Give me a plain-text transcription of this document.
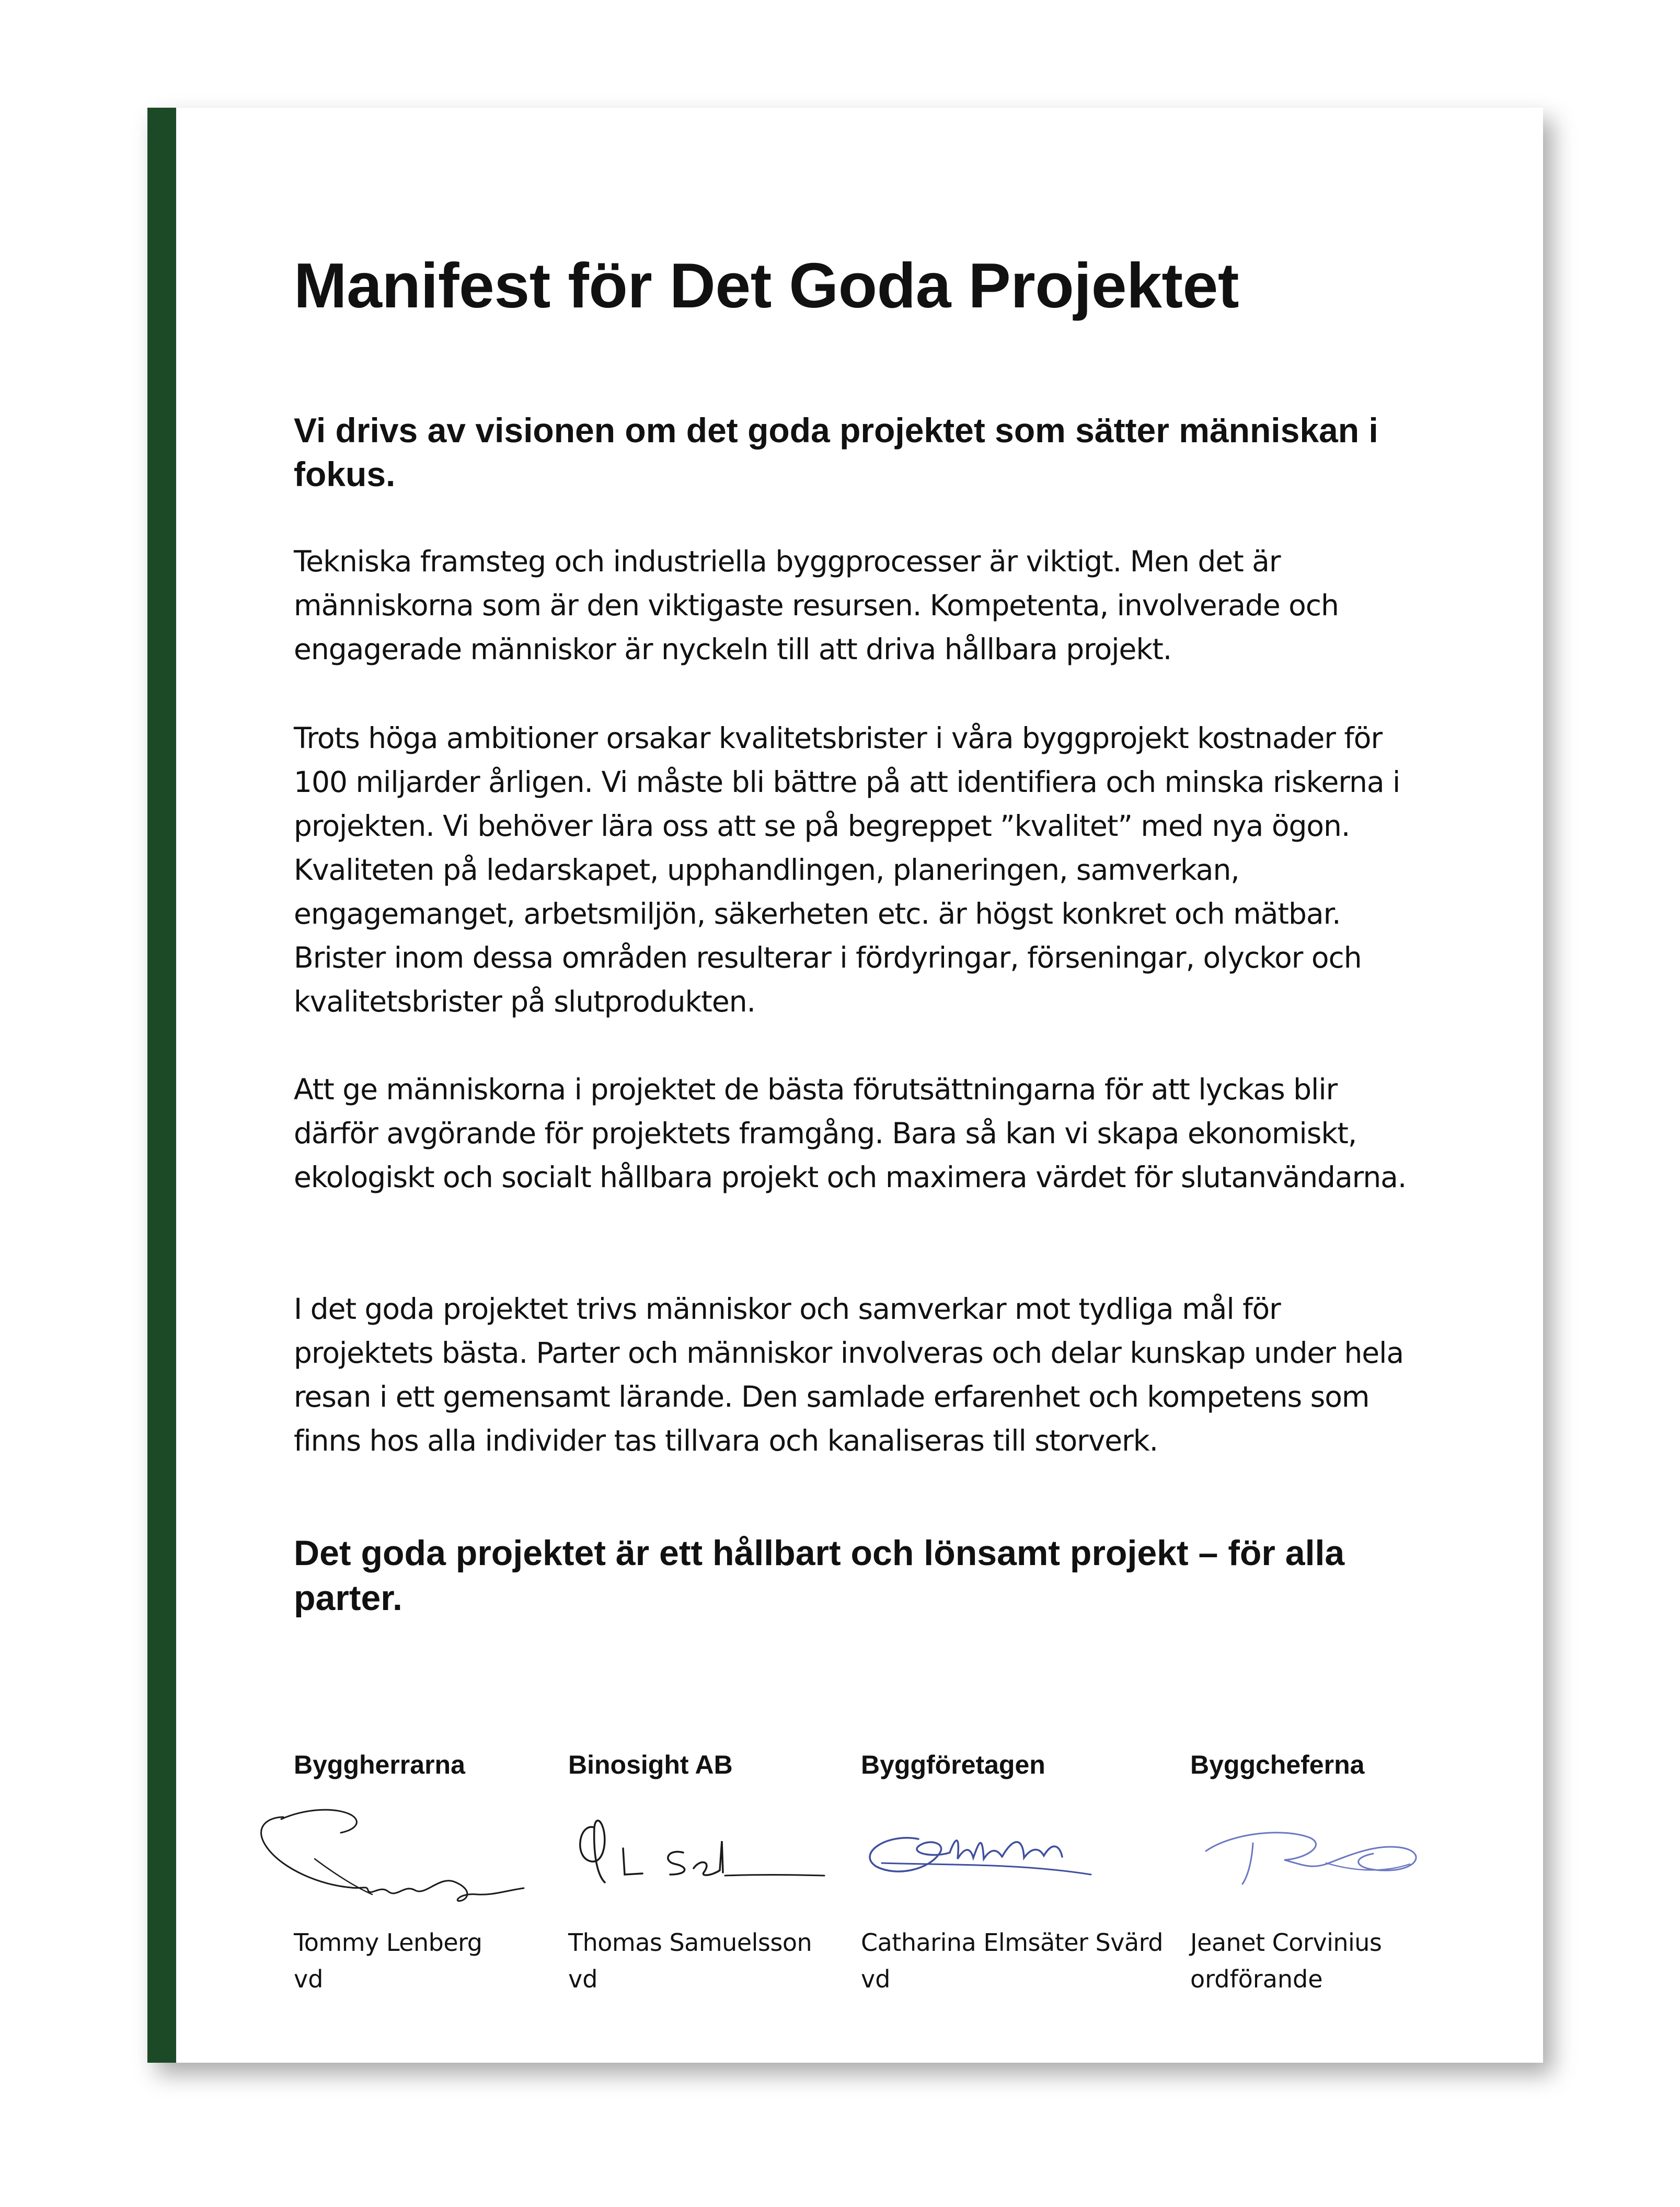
Manifest för Det Goda Projektet

Vi drivs av visionen om det goda projektet som sätter människan i fokus.

Tekniska framsteg och industriella byggprocesser är viktigt. Men det är människorna som är den viktigaste resursen. Kompetenta, involverade och engagerade människor är nyckeln till att driva hållbara projekt.

Trots höga ambitioner orsakar kvalitetsbrister i våra byggprojekt kostnader för 100 miljarder årligen. Vi måste bli bättre på att identifiera och minska riskerna i projekten. Vi behöver lära oss att se på begreppet ”kvalitet” med nya ögon. Kvaliteten på ledarskapet, upphandlingen, planeringen, samverkan, engagemanget, arbetsmiljön, säkerheten etc. är högst konkret och mätbar. Brister inom dessa områden resulterar i fördyringar, förseningar, olyckor och kvalitetsbrister på slutprodukten.

Att ge människorna i projektet de bästa förutsättningarna för att lyckas blir därför avgörande för projektets framgång. Bara så kan vi skapa ekonomiskt, ekologiskt och socialt hållbara projekt och maximera värdet för slutanvändarna.

I det goda projektet trivs människor och samverkar mot tydliga mål för projektets bästa. Parter och människor involveras och delar kunskap under hela resan i ett gemensamt lärande. Den samlade erfarenhet och kompetens som finns hos alla individer tas tillvara och kanaliseras till storverk.

Det goda projektet är ett hållbart och lönsamt projekt – för alla parter.

Byggherrarna
Tommy Lenberg
vd
Binosight AB
Thomas Samuelsson
vd
Byggföretagen
Catharina Elmsäter Svärd
vd
Byggcheferna
Jeanet Corvinius
ordförande
